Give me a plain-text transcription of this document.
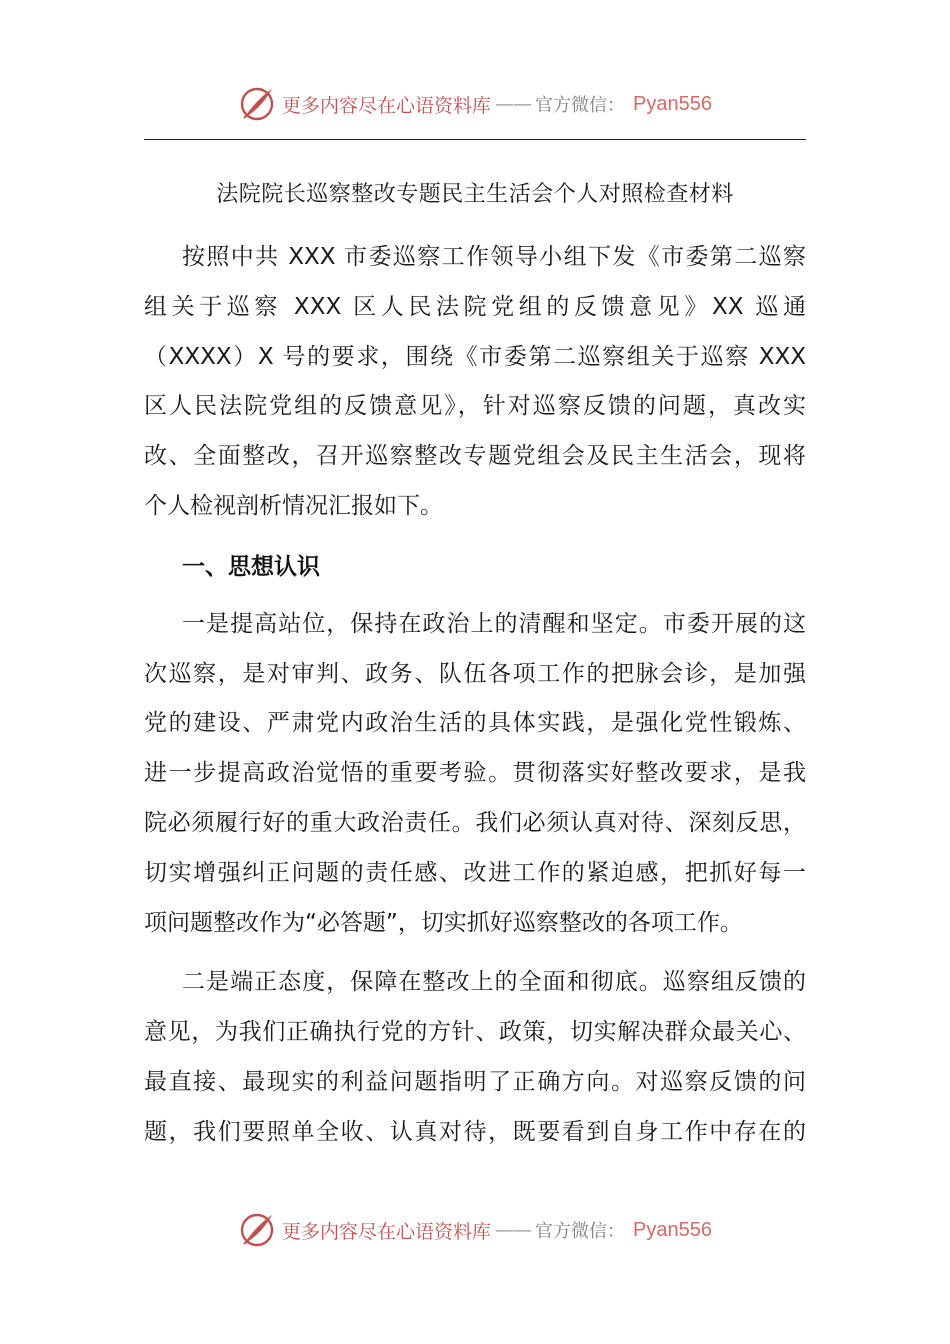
更多内容尽在心语资料库 —— 官方微信： Pyan556
法院院长巡察整改专题民主生活会个人对照检查材料
按照中共 XXX 市委巡察工作领导小组下发《市委第二巡察
组关于巡察 XXX 区人民法院党组的反馈意见》XX 巡通
（XXXX）X 号的要求，围绕《市委第二巡察组关于巡察 XXX
区人民法院党组的反馈意见》，针对巡察反馈的问题，真改实
改、全面整改，召开巡察整改专题党组会及民主生活会，现将
个人检视剖析情况汇报如下。
一、思想认识
一是提高站位，保持在政治上的清醒和坚定。市委开展的这
次巡察，是对审判、政务、队伍各项工作的把脉会诊，是加强
党的建设、严肃党内政治生活的具体实践，是强化党性锻炼、
进一步提高政治觉悟的重要考验。贯彻落实好整改要求，是我
院必须履行好的重大政治责任。我们必须认真对待、深刻反思，
切实增强纠正问题的责任感、改进工作的紧迫感，把抓好每一
项问题整改作为“必答题”，切实抓好巡察整改的各项工作。
二是端正态度，保障在整改上的全面和彻底。巡察组反馈的
意见，为我们正确执行党的方针、政策，切实解决群众最关心、
最直接、最现实的利益问题指明了正确方向。对巡察反馈的问
题，我们要照单全收、认真对待，既要看到自身工作中存在的
更多内容尽在心语资料库 —— 官方微信： Pyan556
